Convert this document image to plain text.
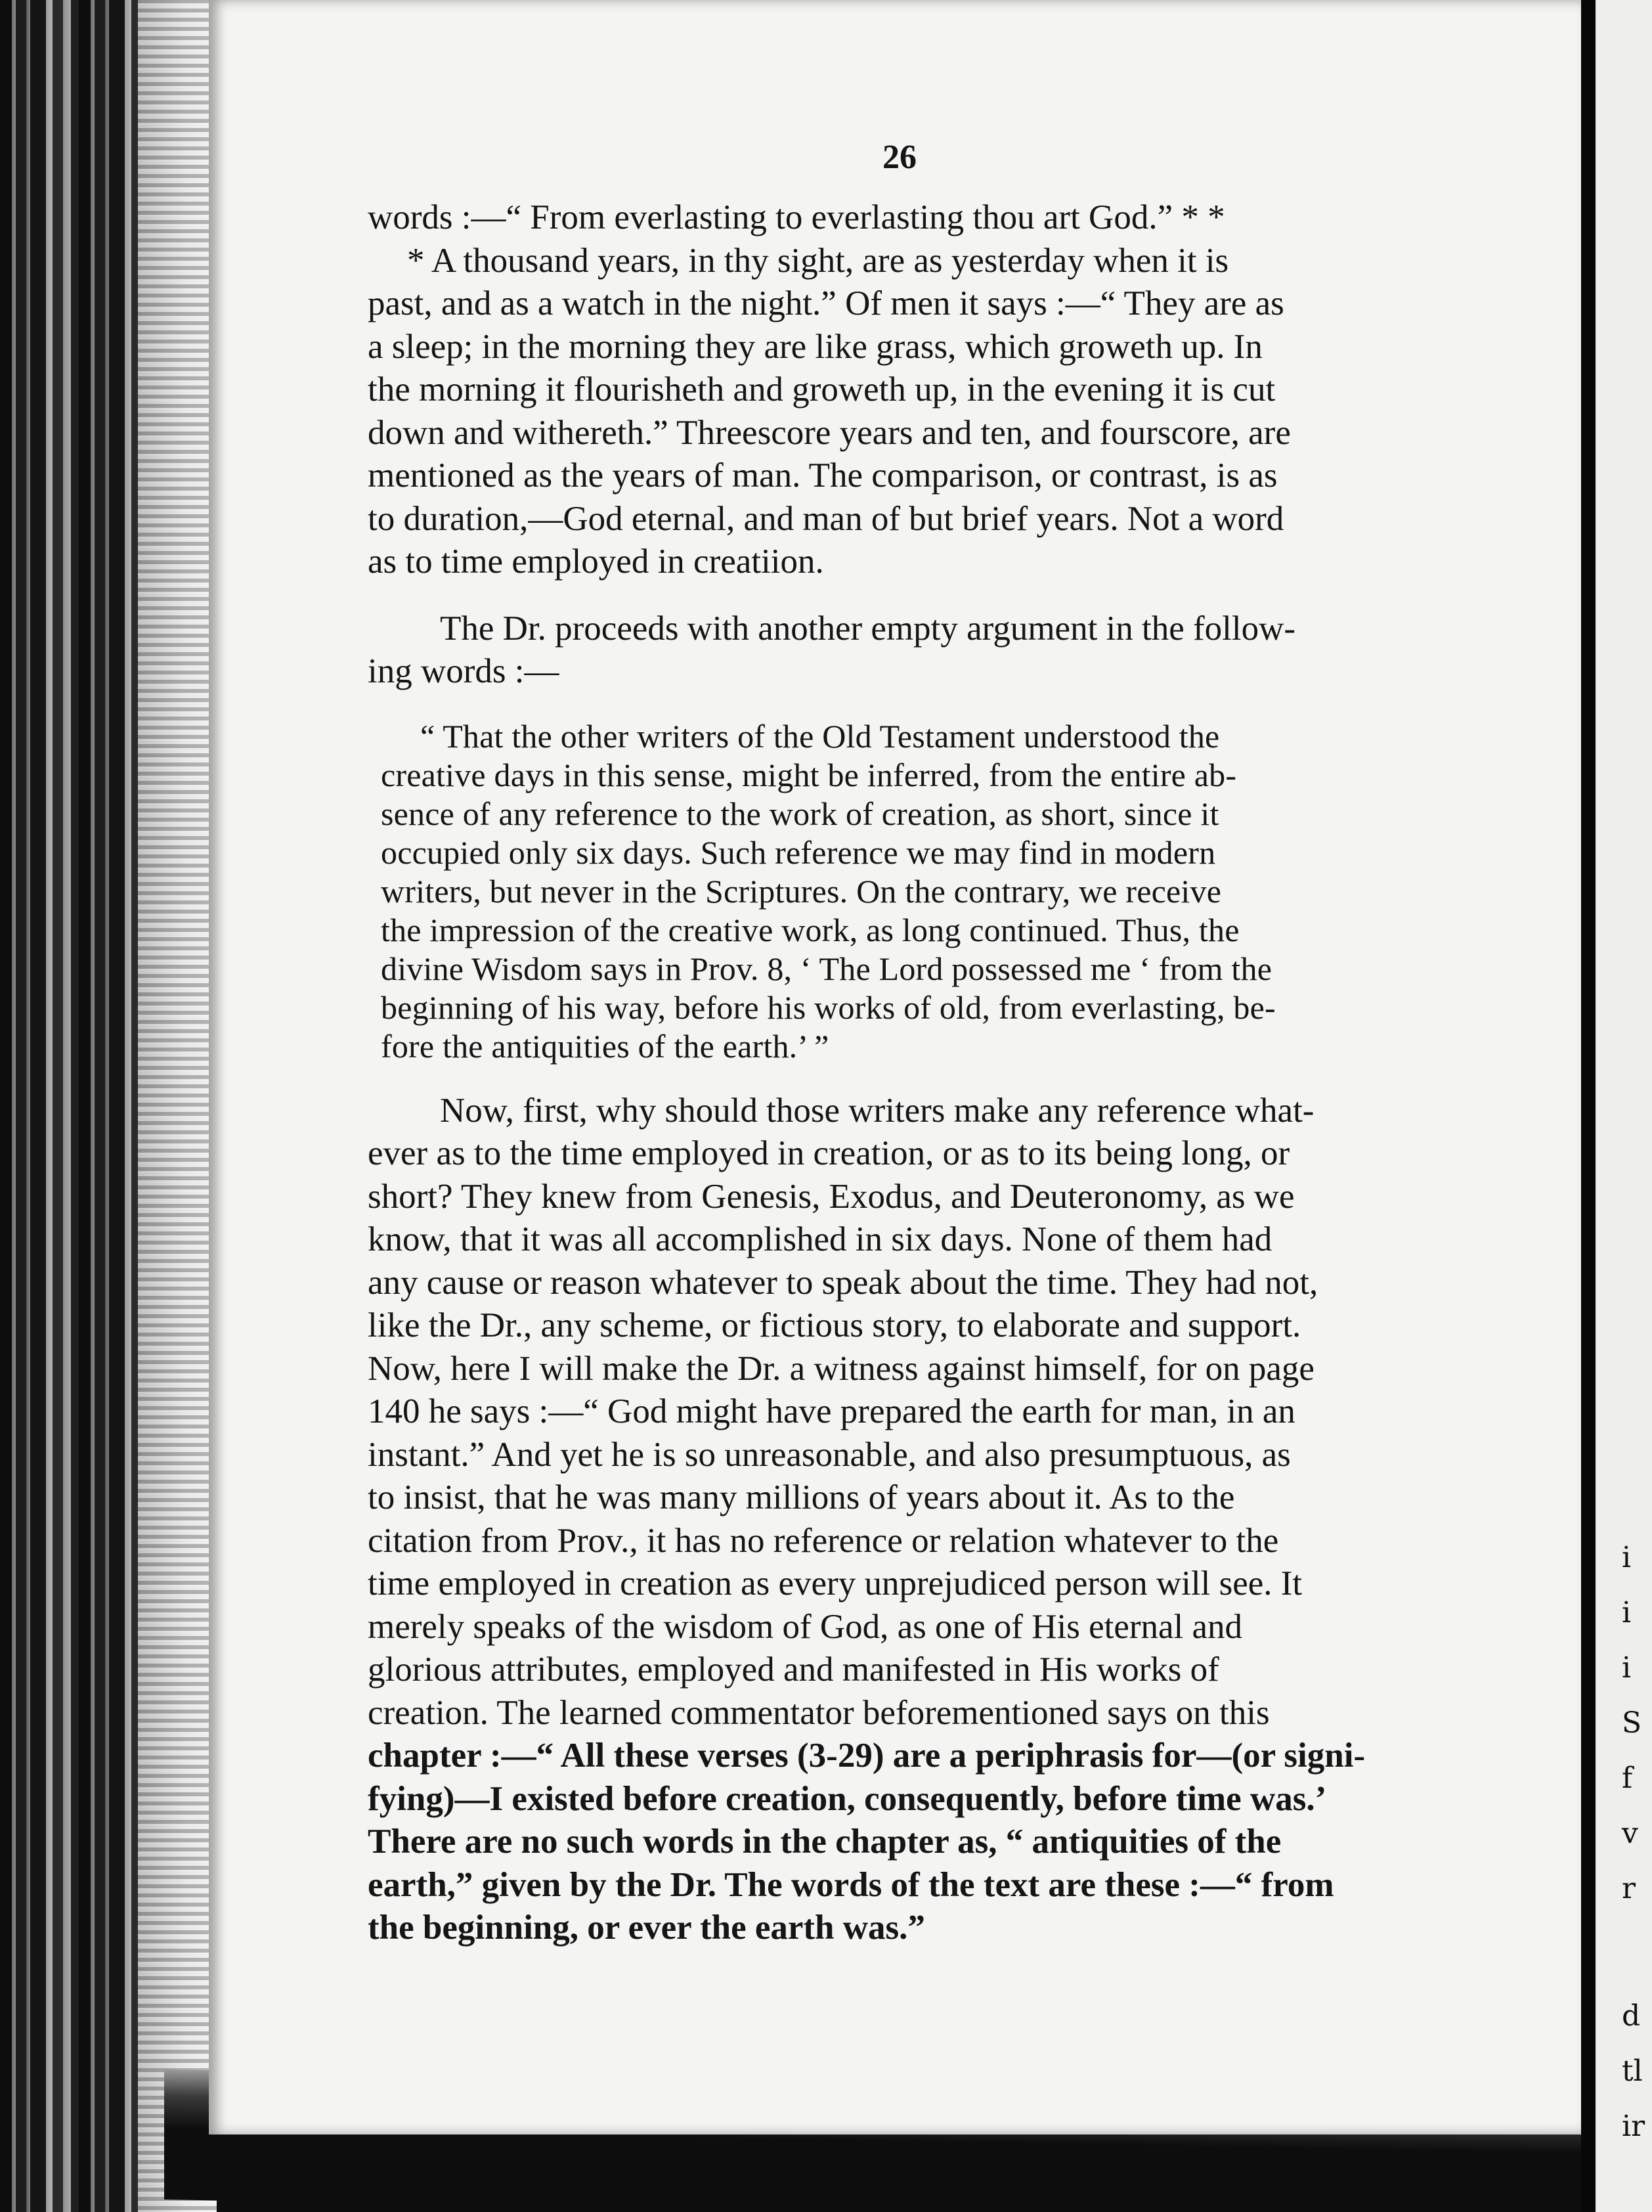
i
i
i
S
f
v
r
d
tl
ir
26
words :—“ From everlasting to everlasting thou art God.” * *
* A thousand years, in thy sight, are as yesterday when it is
past, and as a watch in the night.” Of men it says :—“ They are as
a sleep; in the morning they are like grass, which groweth up. In
the morning it flourisheth and groweth up, in the evening it is cut
down and withereth.” Threescore years and ten, and fourscore, are
mentioned as the years of man. The comparison, or contrast, is as
to duration,—God eternal, and man of but brief years. Not a word
as to time employed in creatiion.
The Dr. proceeds with another empty argument in the follow-
ing words :—
“ That the other writers of the Old Testament understood the
creative days in this sense, might be inferred, from the entire ab-
sence of any reference to the work of creation, as short, since it
occupied only six days. Such reference we may find in modern
writers, but never in the Scriptures. On the contrary, we receive
the impression of the creative work, as long continued. Thus, the
divine Wisdom says in Prov. 8, ‘ The Lord possessed me ‘ from the
beginning of his way, before his works of old, from everlasting, be-
fore the antiquities of the earth.’ ”
Now, first, why should those writers make any reference what-
ever as to the time employed in creation, or as to its being long, or
short? They knew from Genesis, Exodus, and Deuteronomy, as we
know, that it was all accomplished in six days. None of them had
any cause or reason whatever to speak about the time. They had not,
like the Dr., any scheme, or fictious story, to elaborate and support.
Now, here I will make the Dr. a witness against himself, for on page
140 he says :—“ God might have prepared the earth for man, in an
instant.” And yet he is so unreasonable, and also presumptuous, as
to insist, that he was many millions of years about it. As to the
citation from Prov., it has no reference or relation whatever to the
time employed in creation as every unprejudiced person will see. It
merely speaks of the wisdom of God, as one of His eternal and
glorious attributes, employed and manifested in His works of
creation. The learned commentator beforementioned says on this
chapter :—“ All these verses (3-29) are a periphrasis for—(or signi-
fying)—I existed before creation, consequently, before time was.’
There are no such words in the chapter as, “ antiquities of the
earth,” given by the Dr. The words of the text are these :—“ from
the beginning, or ever the earth was.”
